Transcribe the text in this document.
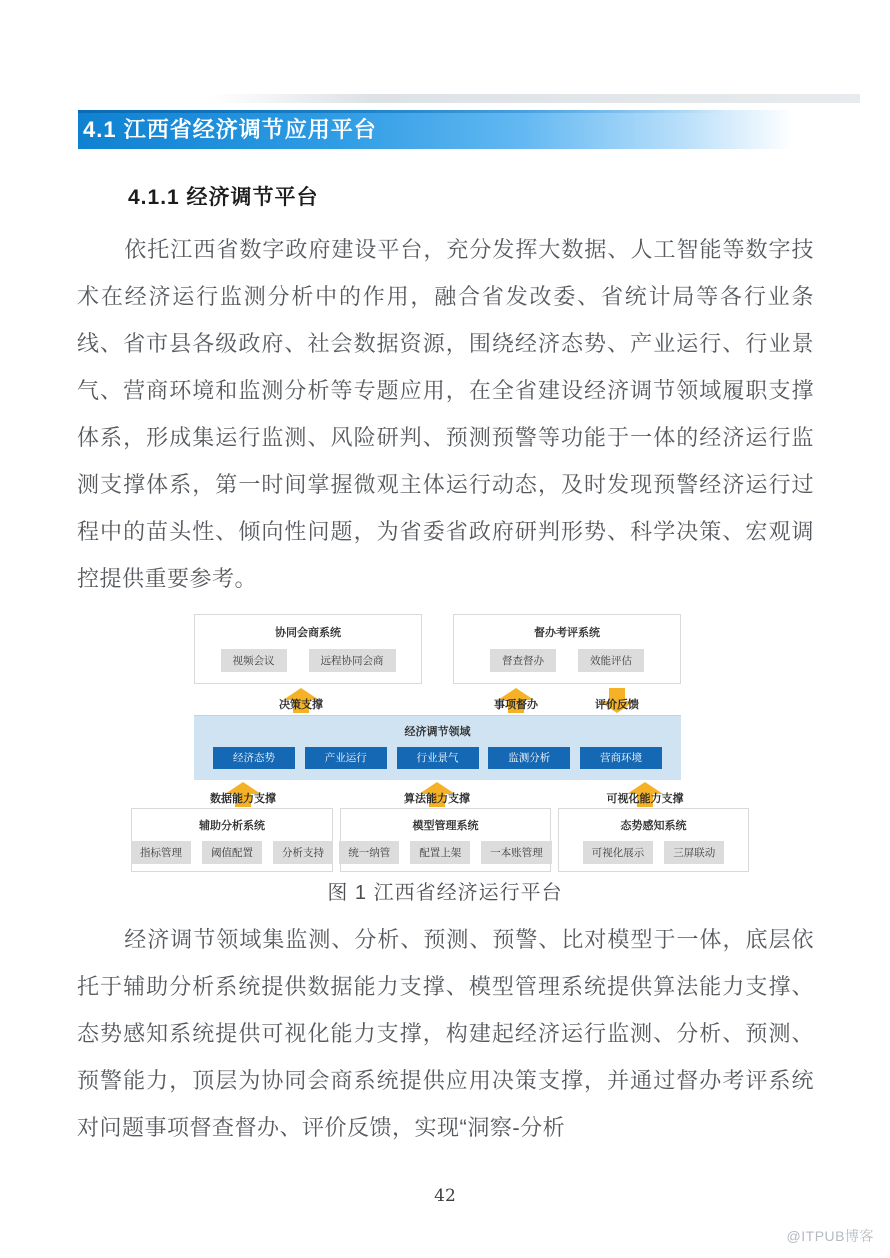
4.1 江西省经济调节应用平台
4.1.1 经济调节平台

依托江西省数字政府建设平台，充分发挥大数据、人工智能等数字技术在经济运行监测分析中的作用，融合省发改委、省统计局等各行业条线、省市县各级政府、社会数据资源，围绕经济态势、产业运行、行业景气、营商环境和监测分析等专题应用，在全省建设经济调节领域履职支撑体系，形成集运行监测、风险研判、预测预警等功能于一体的经济运行监测支撑体系，第一时间掌握微观主体运行动态，及时发现预警经济运行过程中的苗头性、倾向性问题，为省委省政府研判形势、科学决策、宏观调控提供重要参考。

协同会商系统
视频会议	远程协同会商
督办考评系统
督查督办	效能评估
决策支撑	事项督办	评价反馈
经济调节领域
经济态势	产业运行	行业景气	监测分析	营商环境
数据能力支撑	算法能力支撑	可视化能力支撑
辅助分析系统
指标管理	阈值配置	分析支持
模型管理系统
统一纳管	配置上架	一本账管理
态势感知系统
可视化展示	三屏联动
图 1 江西省经济运行平台

经济调节领域集监测、分析、预测、预警、比对模型于一体，底层依托于辅助分析系统提供数据能力支撑、模型管理系统提供算法能力支撑、态势感知系统提供可视化能力支撑，构建起经济运行监测、分析、预测、预警能力，顶层为协同会商系统提供应用决策支撑，并通过督办考评系统对问题事项督查督办、评价反馈，实现“洞察-分析

42
@ITPUB博客
